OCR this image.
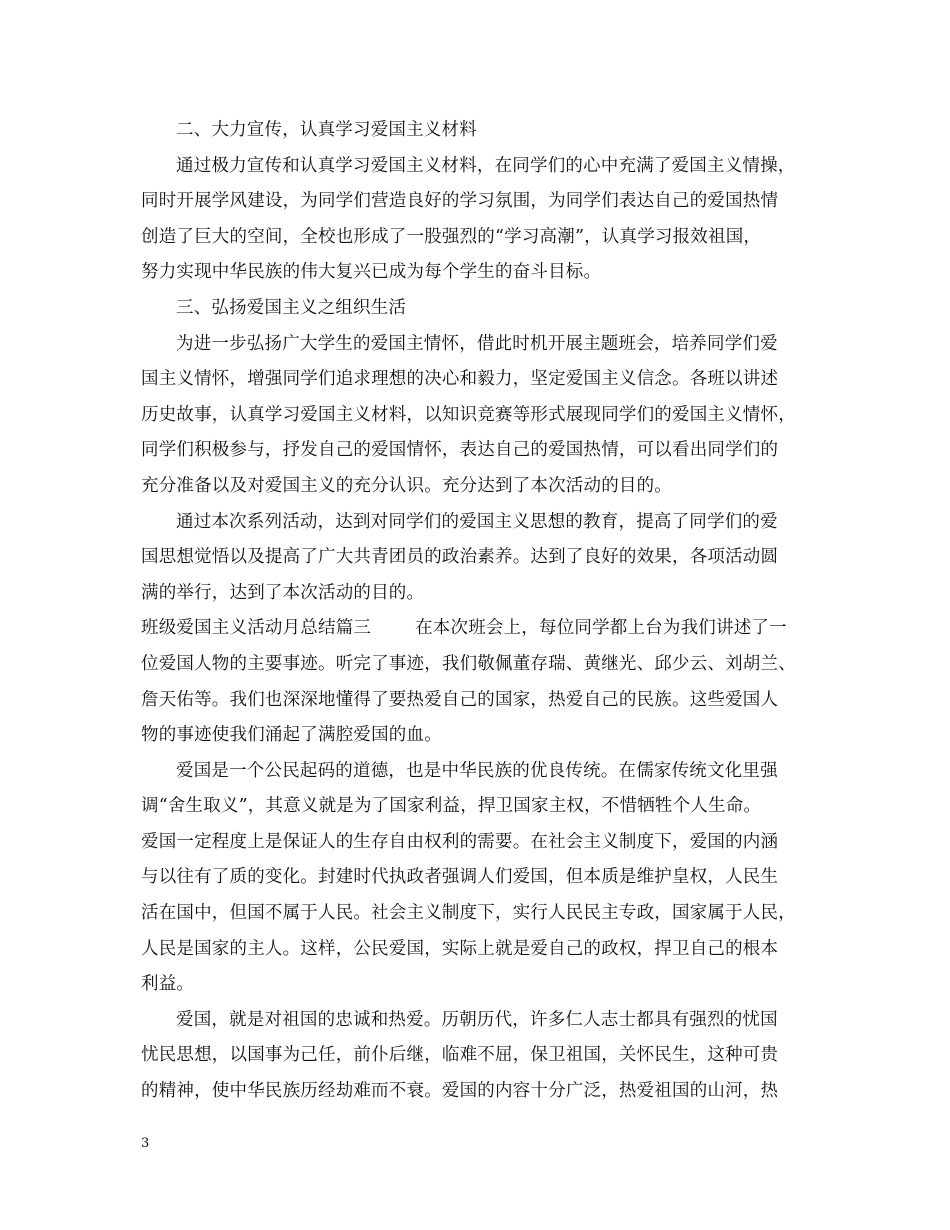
二、大力宣传，认真学习爱国主义材料
通过极力宣传和认真学习爱国主义材料，在同学们的心中充满了爱国主义情操，
同时开展学风建设，为同学们营造良好的学习氛围，为同学们表达自己的爱国热情
创造了巨大的空间，全校也形成了一股强烈的“学习高潮”，认真学习报效祖国，
努力实现中华民族的伟大复兴已成为每个学生的奋斗目标。
三、弘扬爱国主义之组织生活
为进一步弘扬广大学生的爱国主情怀，借此时机开展主题班会，培养同学们爱
国主义情怀，增强同学们追求理想的决心和毅力，坚定爱国主义信念。各班以讲述
历史故事，认真学习爱国主义材料，以知识竞赛等形式展现同学们的爱国主义情怀，
同学们积极参与，抒发自己的爱国情怀，表达自己的爱国热情，可以看出同学们的
充分准备以及对爱国主义的充分认识。充分达到了本次活动的目的。
通过本次系列活动，达到对同学们的爱国主义思想的教育，提高了同学们的爱
国思想觉悟以及提高了广大共青团员的政治素养。达到了良好的效果，各项活动圆
满的举行，达到了本次活动的目的。
班级爱国主义活动月总结篇三	在本次班会上，每位同学都上台为我们讲述了一
位爱国人物的主要事迹。听完了事迹，我们敬佩董存瑞、黄继光、邱少云、刘胡兰、
詹天佑等。我们也深深地懂得了要热爱自己的国家，热爱自己的民族。这些爱国人
物的事迹使我们涌起了满腔爱国的血。
爱国是一个公民起码的道德，也是中华民族的优良传统。在儒家传统文化里强
调“舍生取义”，其意义就是为了国家利益，捍卫国家主权，不惜牺牲个人生命。
爱国一定程度上是保证人的生存自由权利的需要。在社会主义制度下，爱国的内涵
与以往有了质的变化。封建时代执政者强调人们爱国，但本质是维护皇权，人民生
活在国中，但国不属于人民。社会主义制度下，实行人民民主专政，国家属于人民，
人民是国家的主人。这样，公民爱国，实际上就是爱自己的政权，捍卫自己的根本
利益。
爱国，就是对祖国的忠诚和热爱。历朝历代，许多仁人志士都具有强烈的忧国
忧民思想，以国事为己任，前仆后继，临难不屈，保卫祖国，关怀民生，这种可贵
的精神，使中华民族历经劫难而不衰。爱国的内容十分广泛，热爱祖国的山河，热
3
